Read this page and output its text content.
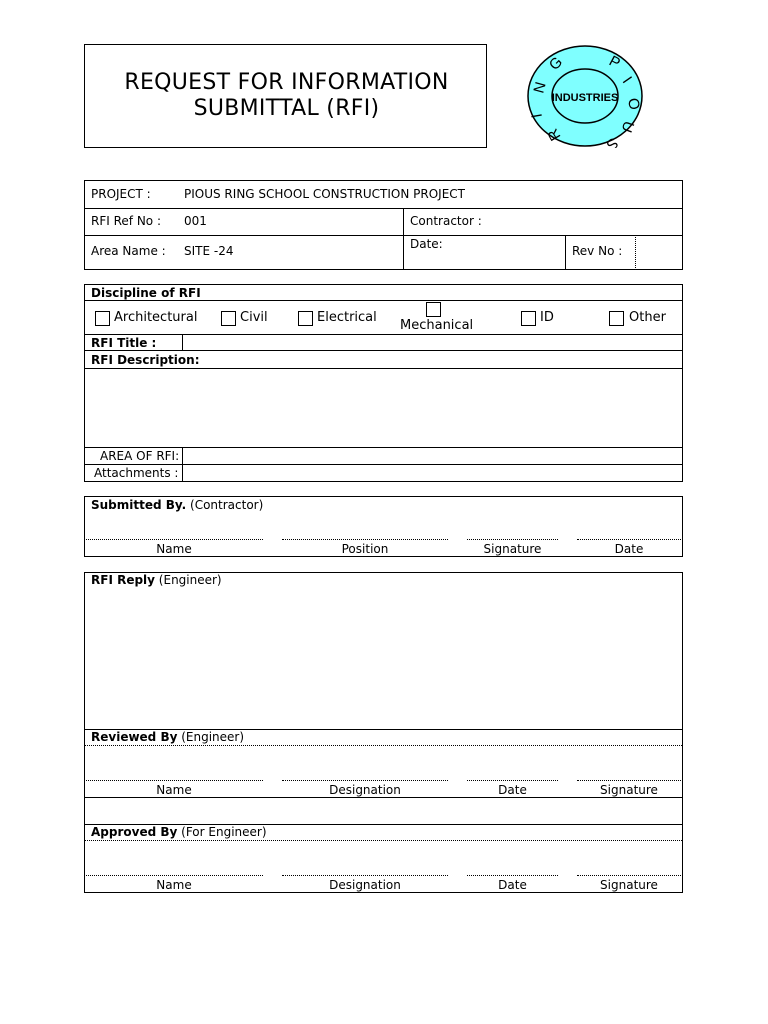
REQUEST FOR INFORMATION
SUBMITTAL (RFI)	INDUSTRIES
P
I
O
U
S
R
I
N
G
PROJECT :	PIOUS RING SCHOOL CONSTRUCTION PROJECT
RFI Ref No : 001	Contractor :
Area Name : SITE -24	Date:	Rev No :
Discipline of RFI
Architectural	Civil	Electrical
Mechanical
ID	Other
RFI Title :
RFI Description:
AREA OF RFI:
Attachments :
Submitted By. (Contractor)
Name	Position	Signature	Date
RFI Reply (Engineer)
Reviewed By (Engineer)
Name	Designation	Date	Signature
Approved By (For Engineer)
Name	Designation	Date	Signature
